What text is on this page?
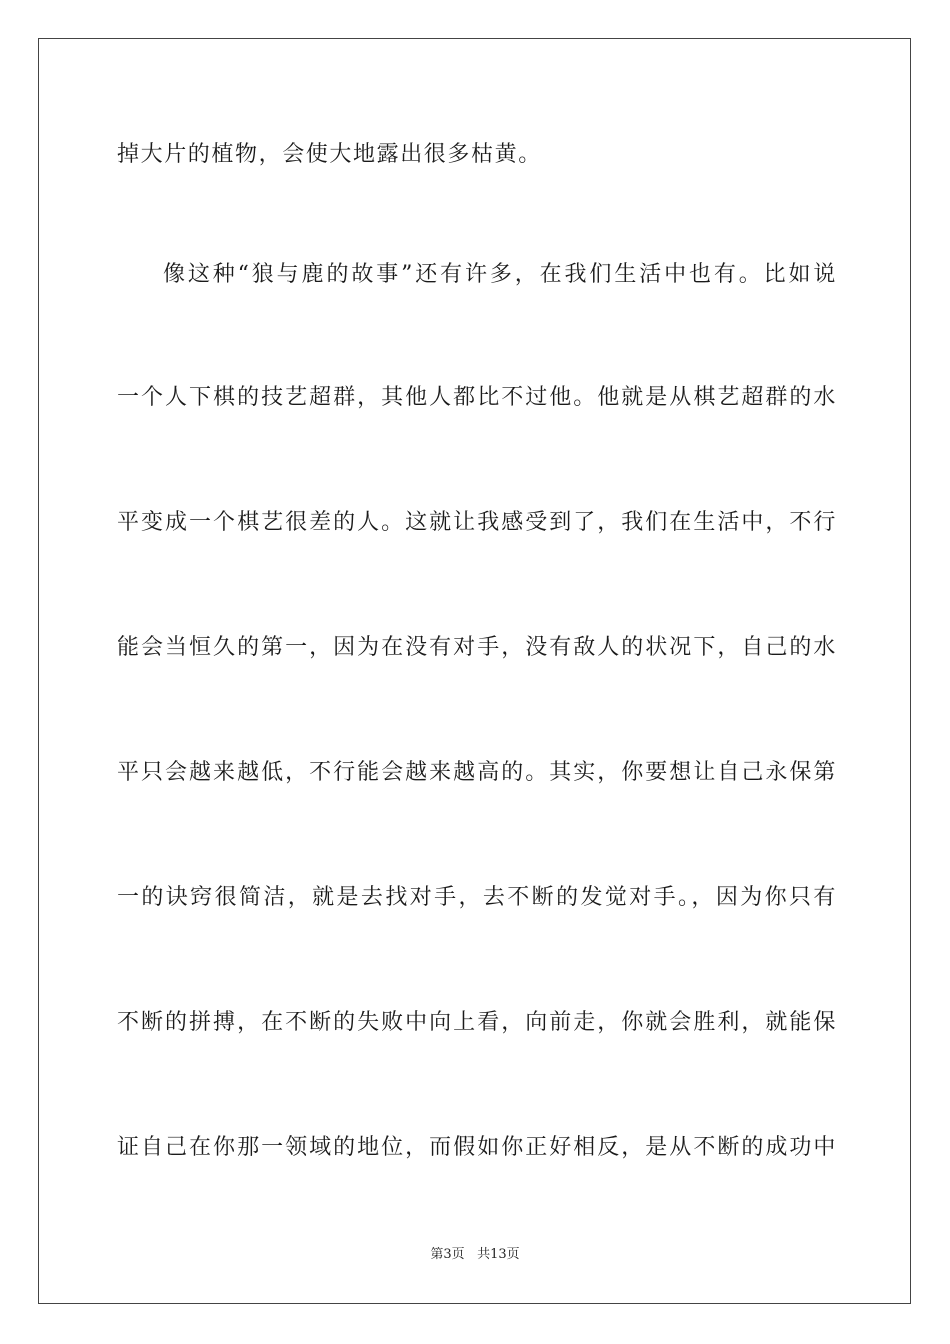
掉大片的植物，会使大地露出很多枯黄。
像这种“狼与鹿的故事”还有许多，在我们生活中也有。比如说
一个人下棋的技艺超群，其他人都比不过他。他就是从棋艺超群的水
平变成一个棋艺很差的人。这就让我感受到了，我们在生活中，不行
能会当恒久的第一，因为在没有对手，没有敌人的状况下，自己的水
平只会越来越低，不行能会越来越高的。其实，你要想让自己永保第
一的诀窍很简洁，就是去找对手，去不断的发觉对手。，因为你只有
不断的拼搏，在不断的失败中向上看，向前走，你就会胜利，就能保
证自己在你那一领域的地位，而假如你正好相反，是从不断的成功中
第3页 共13页
